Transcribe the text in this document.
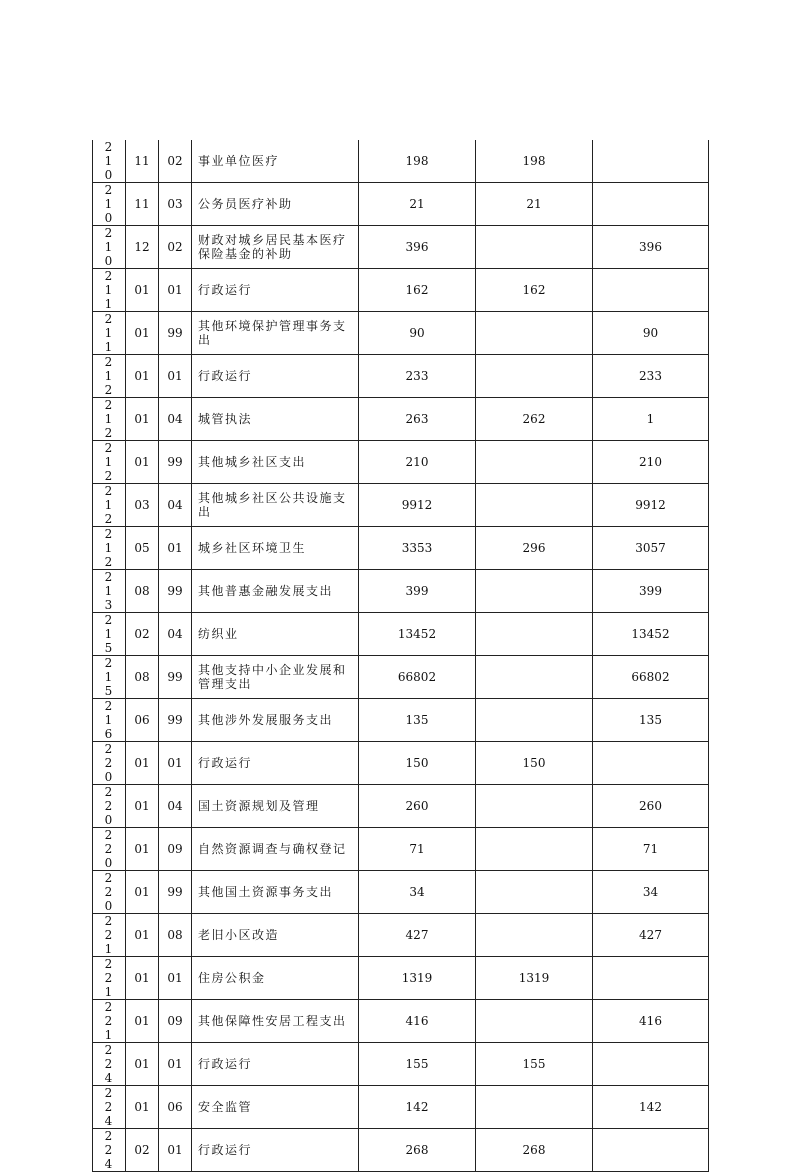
210	11	02	事业单位医疗	198	198	

210	11	03	公务员医疗补助	21	21	

210	12	02	财政对城乡居民基本医疗保险基金的补助	396		396

211	01	01	行政运行	162	162	

211	01	99	其他环境保护管理事务支出	90		90

212	01	01	行政运行	233		233

212	01	04	城管执法	263	262	1

212	01	99	其他城乡社区支出	210		210

212	03	04	其他城乡社区公共设施支出	9912		9912

212	05	01	城乡社区环境卫生	3353	296	3057

213	08	99	其他普惠金融发展支出	399		399

215	02	04	纺织业	13452		13452

215	08	99	其他支持中小企业发展和管理支出	66802		66802

216	06	99	其他涉外发展服务支出	135		135

220	01	01	行政运行	150	150	

220	01	04	国土资源规划及管理	260		260

220	01	09	自然资源调查与确权登记	71		71

220	01	99	其他国土资源事务支出	34		34

221	01	08	老旧小区改造	427		427

221	01	01	住房公积金	1319	1319	

221	01	09	其他保障性安居工程支出	416		416

224	01	01	行政运行	155	155	

224	01	06	安全监管	142		142

224	02	01	行政运行	268	268	
